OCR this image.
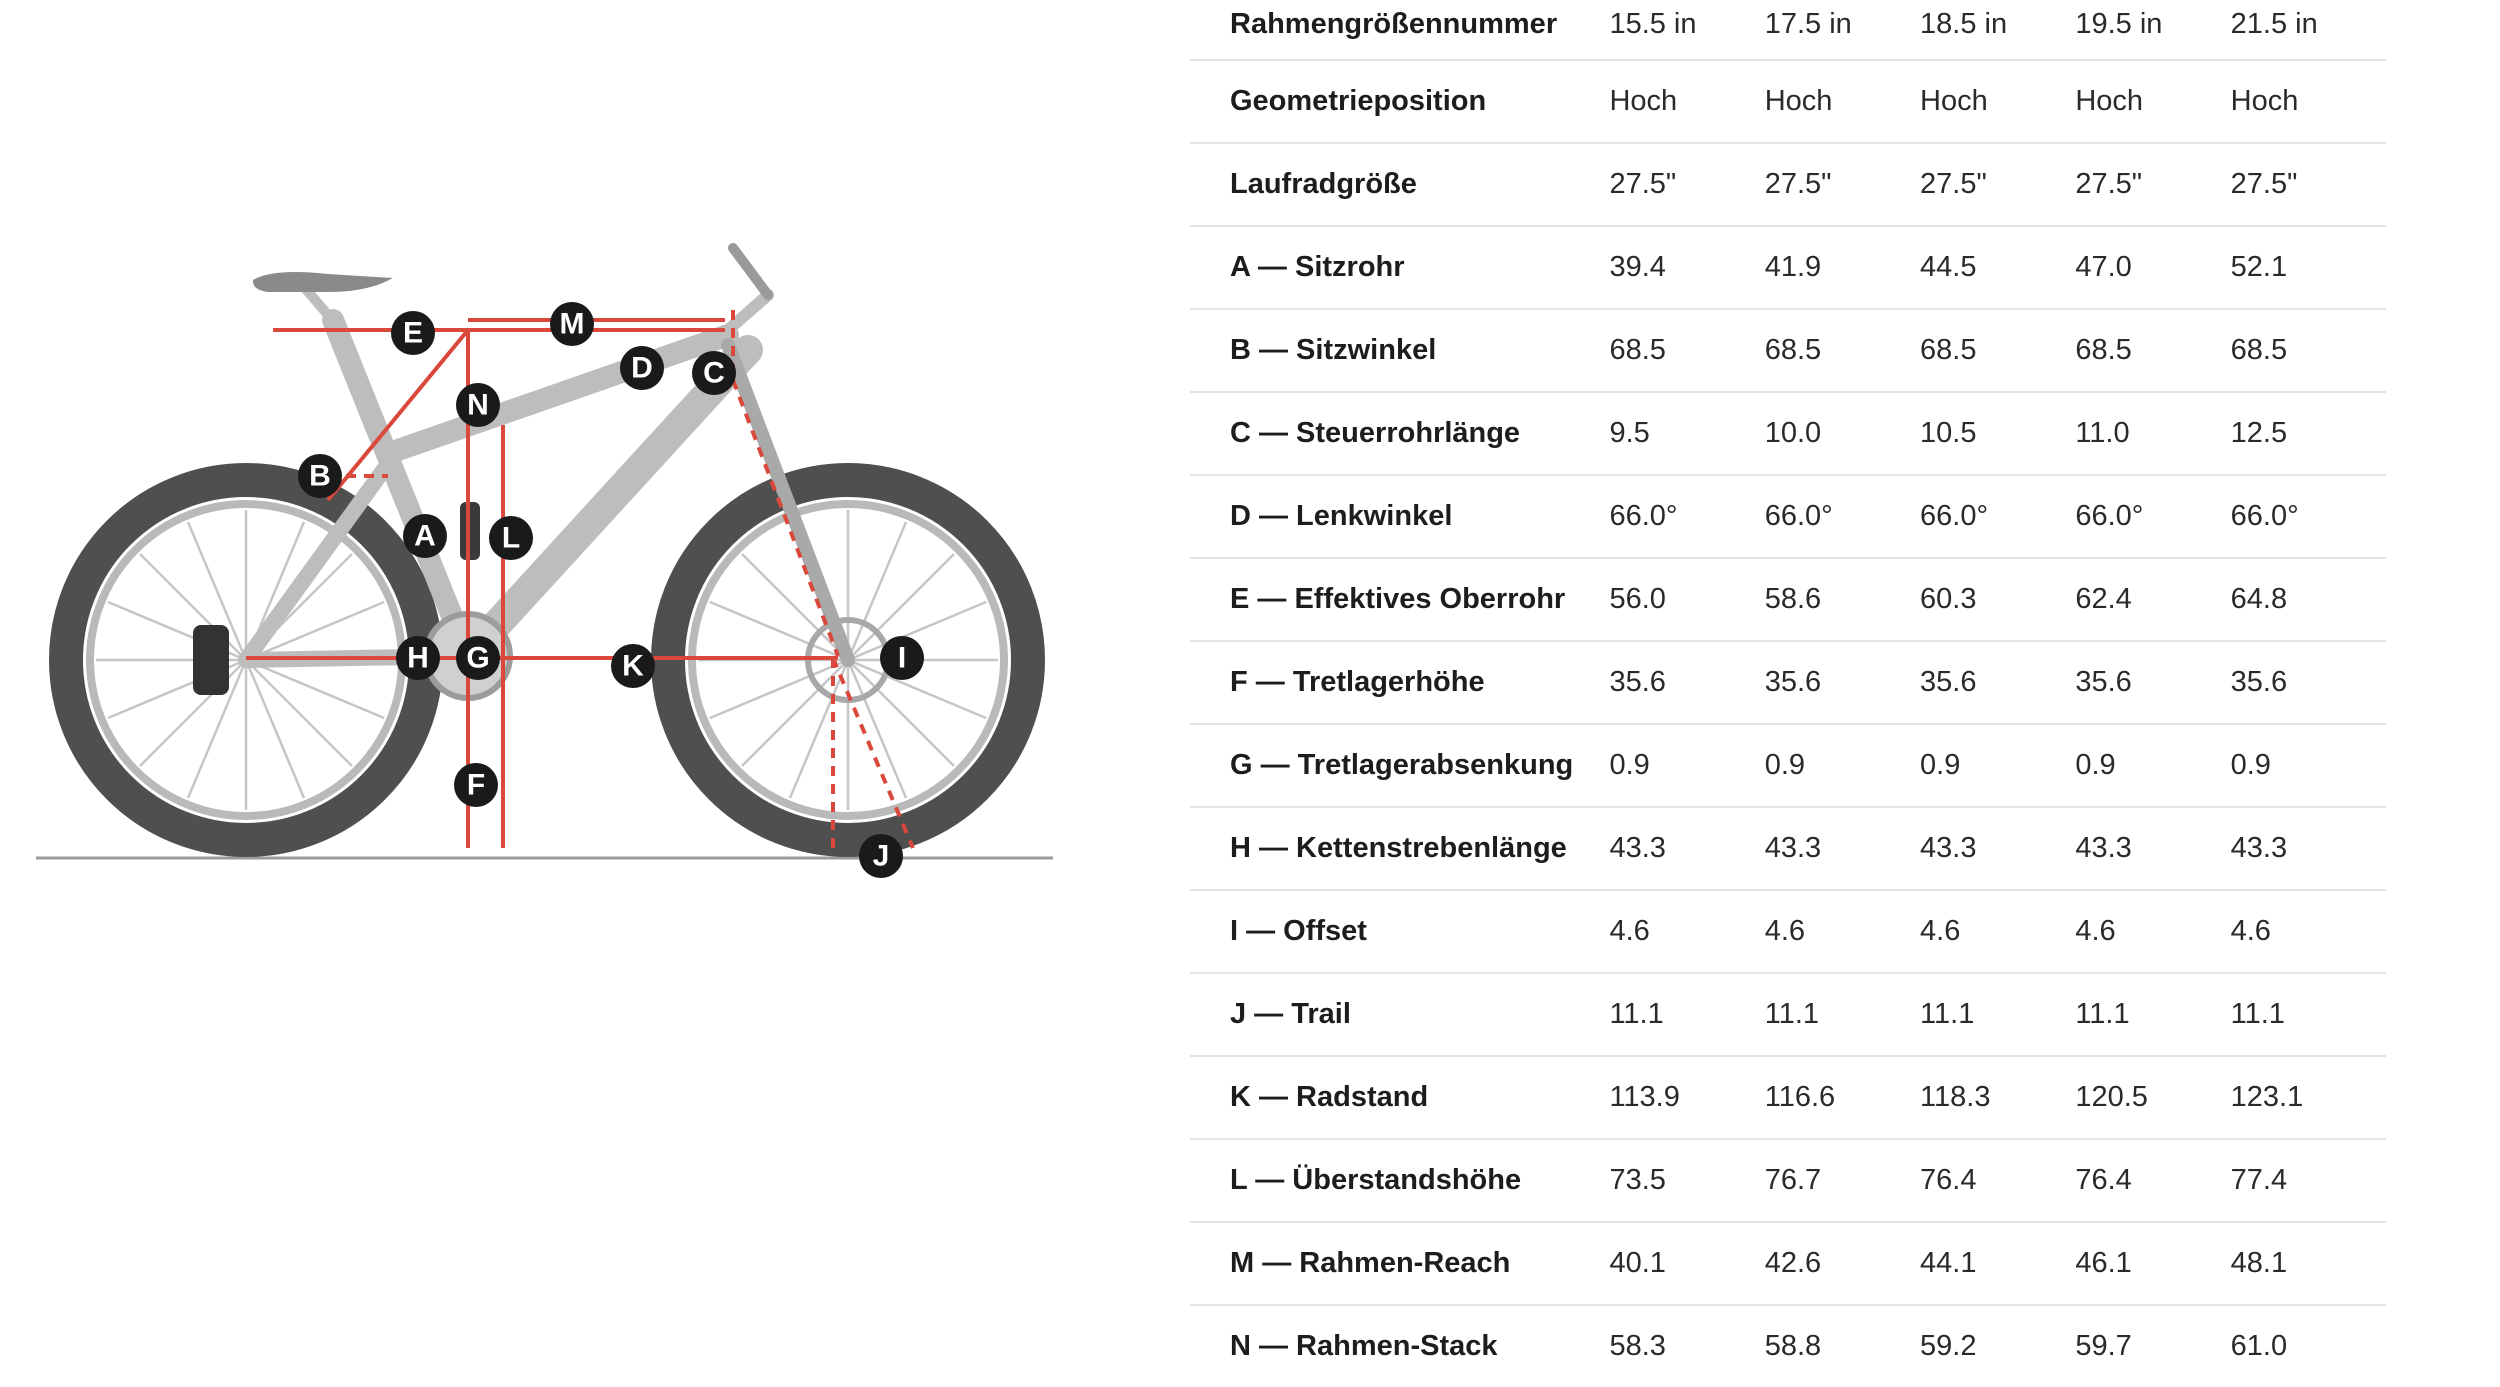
A
B
C
D
E
F
G
H	I
J
K
L
M
N
Rahmengrößennummer	15.5 in	17.5 in	18.5 in	19.5 in	21.5 in
Geometrieposition	Hoch	Hoch	Hoch	Hoch	Hoch
Laufradgröße	27.5"	27.5"	27.5"	27.5"	27.5"
A — Sitzrohr	39.4	41.9	44.5	47.0	52.1
B — Sitzwinkel	68.5	68.5	68.5	68.5	68.5
C — Steuerrohrlänge	9.5	10.0	10.5	11.0	12.5
D — Lenkwinkel	66.0°	66.0°	66.0°	66.0°	66.0°
E — Effektives Oberrohr	56.0	58.6	60.3	62.4	64.8
F — Tretlagerhöhe	35.6	35.6	35.6	35.6	35.6
G — Tretlagerabsenkung	0.9	0.9	0.9	0.9	0.9
H — Kettenstrebenlänge	43.3	43.3	43.3	43.3	43.3
I — Offset	4.6	4.6	4.6	4.6	4.6
J — Trail	11.1	11.1	11.1	11.1	11.1
K — Radstand	113.9	116.6	118.3	120.5	123.1
L — Überstandshöhe	73.5	76.7	76.4	76.4	77.4
M — Rahmen-Reach	40.1	42.6	44.1	46.1	48.1
N — Rahmen-Stack	58.3	58.8	59.2	59.7	61.0
